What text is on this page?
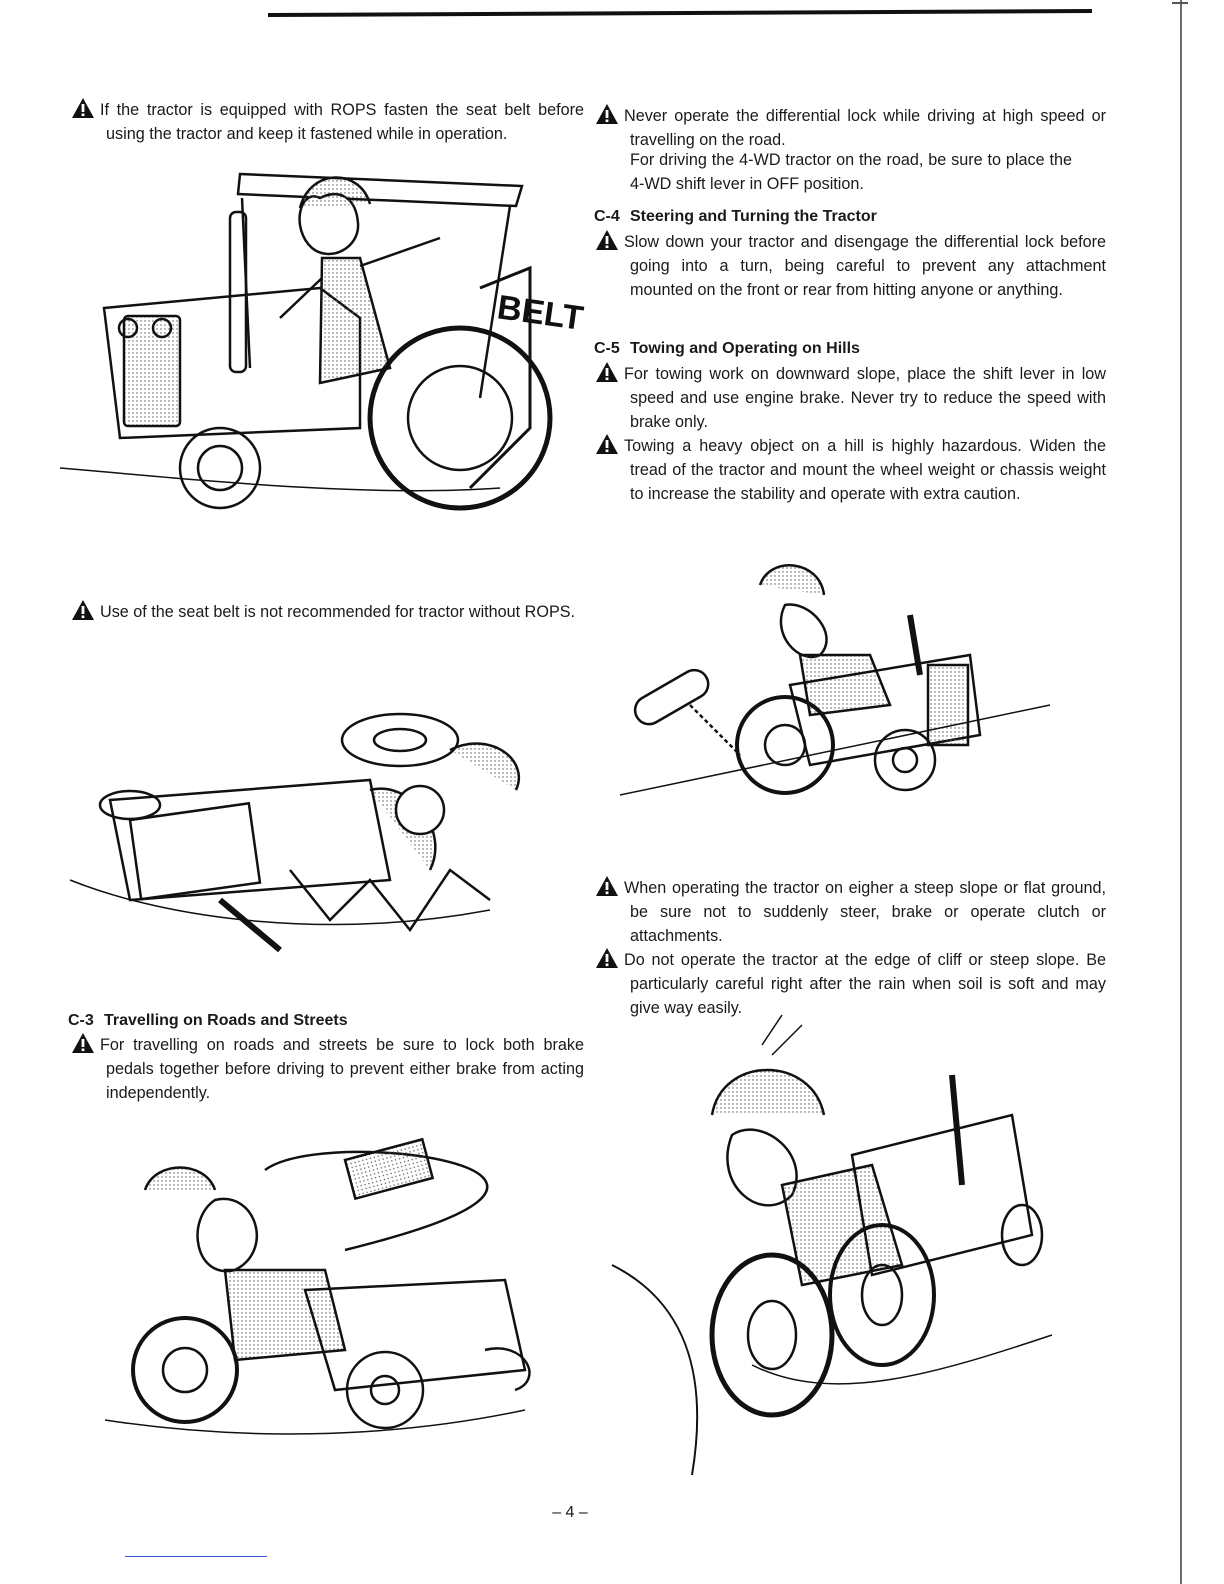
If the tractor is equipped with ROPS fasten the seat belt before using the tractor and keep it fastened while in operation.
BELT
Use of the seat belt is not recommended for tractor without ROPS.
C-3 Travelling on Roads and Streets
For travelling on roads and streets be sure to lock both brake pedals together before driving to prevent either brake from acting independently.
Never operate the differential lock while driving at high speed or travelling on the road.
For driving the 4-WD tractor on the road, be sure to place the 4-WD shift lever in OFF position.
C-4 Steering and Turning the Tractor
Slow down your tractor and disengage the differential lock before going into a turn, being careful to prevent any attachment mounted on the front or rear from hitting anyone or anything.
C-5 Towing and Operating on Hills
For towing work on downward slope, place the shift lever in low speed and use engine brake. Never try to reduce the speed with brake only.
Towing a heavy object on a hill is highly hazardous. Widen the tread of the tractor and mount the wheel weight or chassis weight to increase the stability and operate with extra caution.
When operating the tractor on eigher a steep slope or flat ground, be sure not to suddenly steer, brake or operate clutch or attachments.
Do not operate the tractor at the edge of cliff or steep slope. Be particularly careful right after the rain when soil is soft and may give way easily.
– 4 –
